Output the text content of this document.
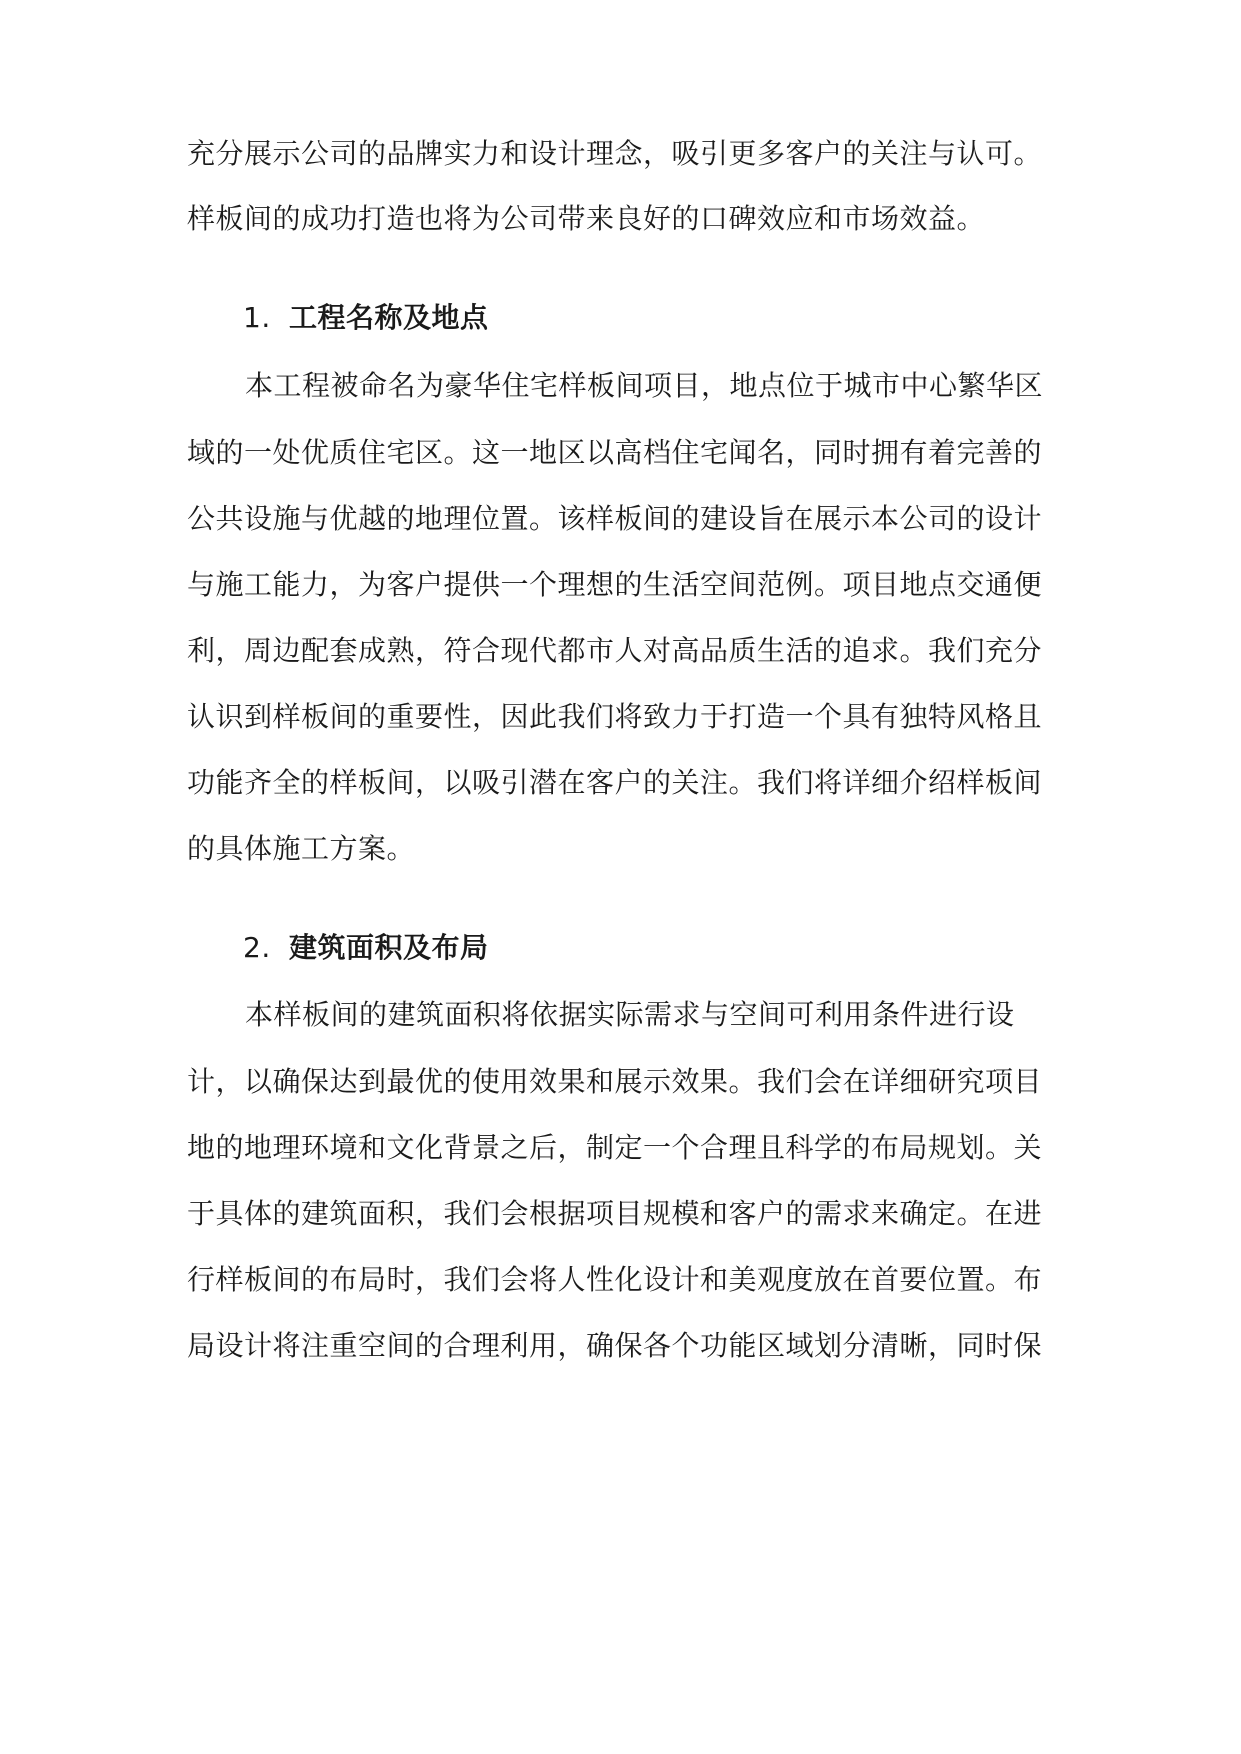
充分展示公司的品牌实力和设计理念，吸引更多客户的关注与认可。
样板间的成功打造也将为公司带来良好的口碑效应和市场效益。
1. 工程名称及地点
本工程被命名为豪华住宅样板间项目，地点位于城市中心繁华区
域的一处优质住宅区。这一地区以高档住宅闻名，同时拥有着完善的
公共设施与优越的地理位置。该样板间的建设旨在展示本公司的设计
与施工能力，为客户提供一个理想的生活空间范例。项目地点交通便
利，周边配套成熟，符合现代都市人对高品质生活的追求。我们充分
认识到样板间的重要性，因此我们将致力于打造一个具有独特风格且
功能齐全的样板间，以吸引潜在客户的关注。我们将详细介绍样板间
的具体施工方案。
2. 建筑面积及布局
本样板间的建筑面积将依据实际需求与空间可利用条件进行设
计，以确保达到最优的使用效果和展示效果。我们会在详细研究项目
地的地理环境和文化背景之后，制定一个合理且科学的布局规划。关
于具体的建筑面积，我们会根据项目规模和客户的需求来确定。在进
行样板间的布局时，我们会将人性化设计和美观度放在首要位置。布
局设计将注重空间的合理利用，确保各个功能区域划分清晰，同时保
